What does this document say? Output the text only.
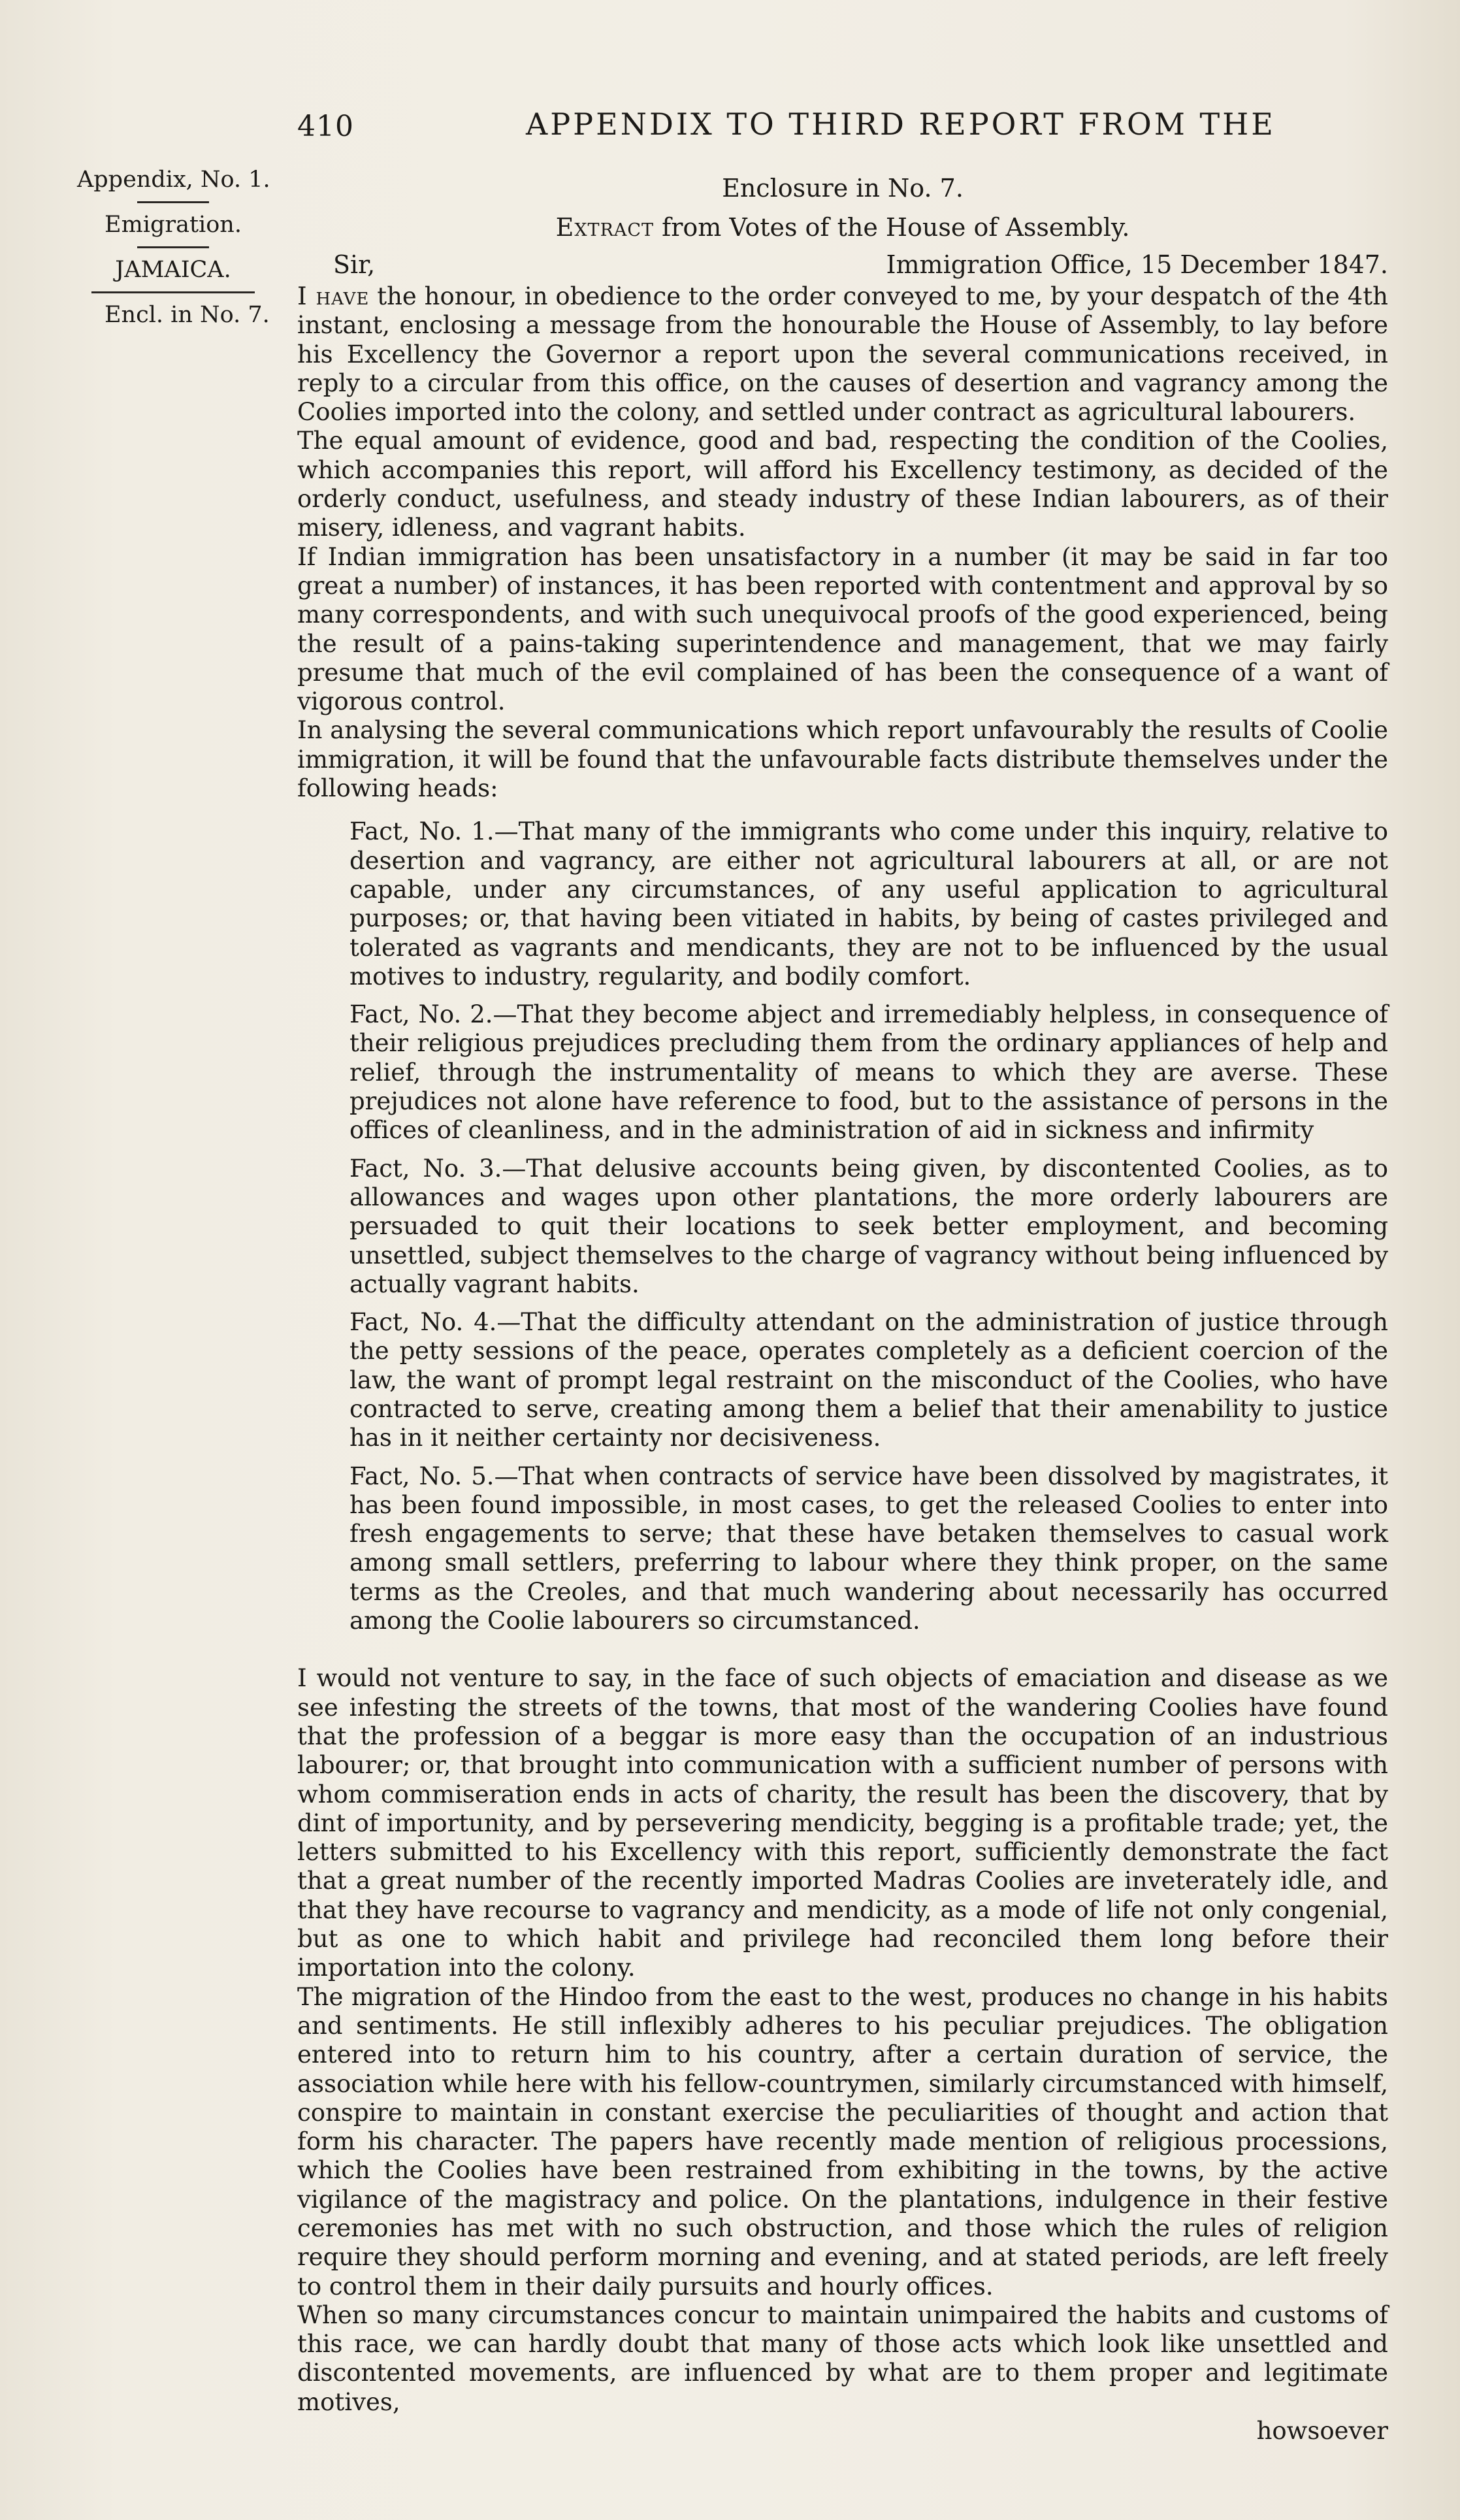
410	APPENDIX TO THIRD REPORT FROM THE

Appendix, No. 1.

Emigration.

JAMAICA.

Encl. in No. 7.

Enclosure in No. 7.

Extract from Votes of the House of Assembly.

Sir,	Immigration Office, 15 December 1847.

I have the honour, in obedience to the order conveyed to me, by your despatch of the 4th instant, enclosing a message from the honourable the House of Assembly, to lay before his Excellency the Governor a report upon the several communications received, in reply to a circular from this office, on the causes of desertion and vagrancy among the Coolies imported into the colony, and settled under contract as agricultural labourers.

The equal amount of evidence, good and bad, respecting the condition of the Coolies, which accompanies this report, will afford his Excellency testimony, as decided of the orderly conduct, usefulness, and steady industry of these Indian labourers, as of their misery, idleness, and vagrant habits.

If Indian immigration has been unsatisfactory in a number (it may be said in far too great a number) of instances, it has been reported with contentment and approval by so many correspondents, and with such unequivocal proofs of the good experienced, being the result of a pains-taking superintendence and management, that we may fairly presume that much of the evil complained of has been the consequence of a want of vigorous control.

In analysing the several communications which report unfavourably the results of Coolie immigration, it will be found that the unfavourable facts distribute themselves under the following heads:

Fact, No. 1.—That many of the immigrants who come under this inquiry, relative to desertion and vagrancy, are either not agricultural labourers at all, or are not capable, under any circumstances, of any useful application to agricultural purposes; or, that having been vitiated in habits, by being of castes privileged and tolerated as vagrants and mendicants, they are not to be influenced by the usual motives to industry, regularity, and bodily comfort.

Fact, No. 2.—That they become abject and irremediably helpless, in consequence of their religious prejudices precluding them from the ordinary appliances of help and relief, through the instrumentality of means to which they are averse. These prejudices not alone have reference to food, but to the assistance of persons in the offices of cleanliness, and in the administration of aid in sickness and infirmity

Fact, No. 3.—That delusive accounts being given, by discontented Coolies, as to allowances and wages upon other plantations, the more orderly labourers are persuaded to quit their locations to seek better employment, and becoming unsettled, subject themselves to the charge of vagrancy without being influenced by actually vagrant habits.

Fact, No. 4.—That the difficulty attendant on the administration of justice through the petty sessions of the peace, operates completely as a deficient coercion of the law, the want of prompt legal restraint on the misconduct of the Coolies, who have contracted to serve, creating among them a belief that their amenability to justice has in it neither certainty nor decisiveness.

Fact, No. 5.—That when contracts of service have been dissolved by magistrates, it has been found impossible, in most cases, to get the released Coolies to enter into fresh engagements to serve; that these have betaken themselves to casual work among small settlers, preferring to labour where they think proper, on the same terms as the Creoles, and that much wandering about necessarily has occurred among the Coolie labourers so circumstanced.

I would not venture to say, in the face of such objects of emaciation and disease as we see infesting the streets of the towns, that most of the wandering Coolies have found that the profession of a beggar is more easy than the occupation of an industrious labourer; or, that brought into communication with a sufficient number of persons with whom commiseration ends in acts of charity, the result has been the discovery, that by dint of importunity, and by persevering mendicity, begging is a profitable trade; yet, the letters submitted to his Excellency with this report, sufficiently demonstrate the fact that a great number of the recently imported Madras Coolies are inveterately idle, and that they have recourse to vagrancy and mendicity, as a mode of life not only congenial, but as one to which habit and privilege had reconciled them long before their importation into the colony.

The migration of the Hindoo from the east to the west, produces no change in his habits and sentiments. He still inflexibly adheres to his peculiar prejudices. The obligation entered into to return him to his country, after a certain duration of service, the association while here with his fellow-countrymen, similarly circumstanced with himself, conspire to maintain in constant exercise the peculiarities of thought and action that form his character. The papers have recently made mention of religious processions, which the Coolies have been restrained from exhibiting in the towns, by the active vigilance of the magistracy and police. On the plantations, indulgence in their festive ceremonies has met with no such obstruction, and those which the rules of religion require they should perform morning and evening, and at stated periods, are left freely to control them in their daily pursuits and hourly offices.

When so many circumstances concur to maintain unimpaired the habits and customs of this race, we can hardly doubt that many of those acts which look like unsettled and discontented movements, are influenced by what are to them proper and legitimate motives,

howsoever
